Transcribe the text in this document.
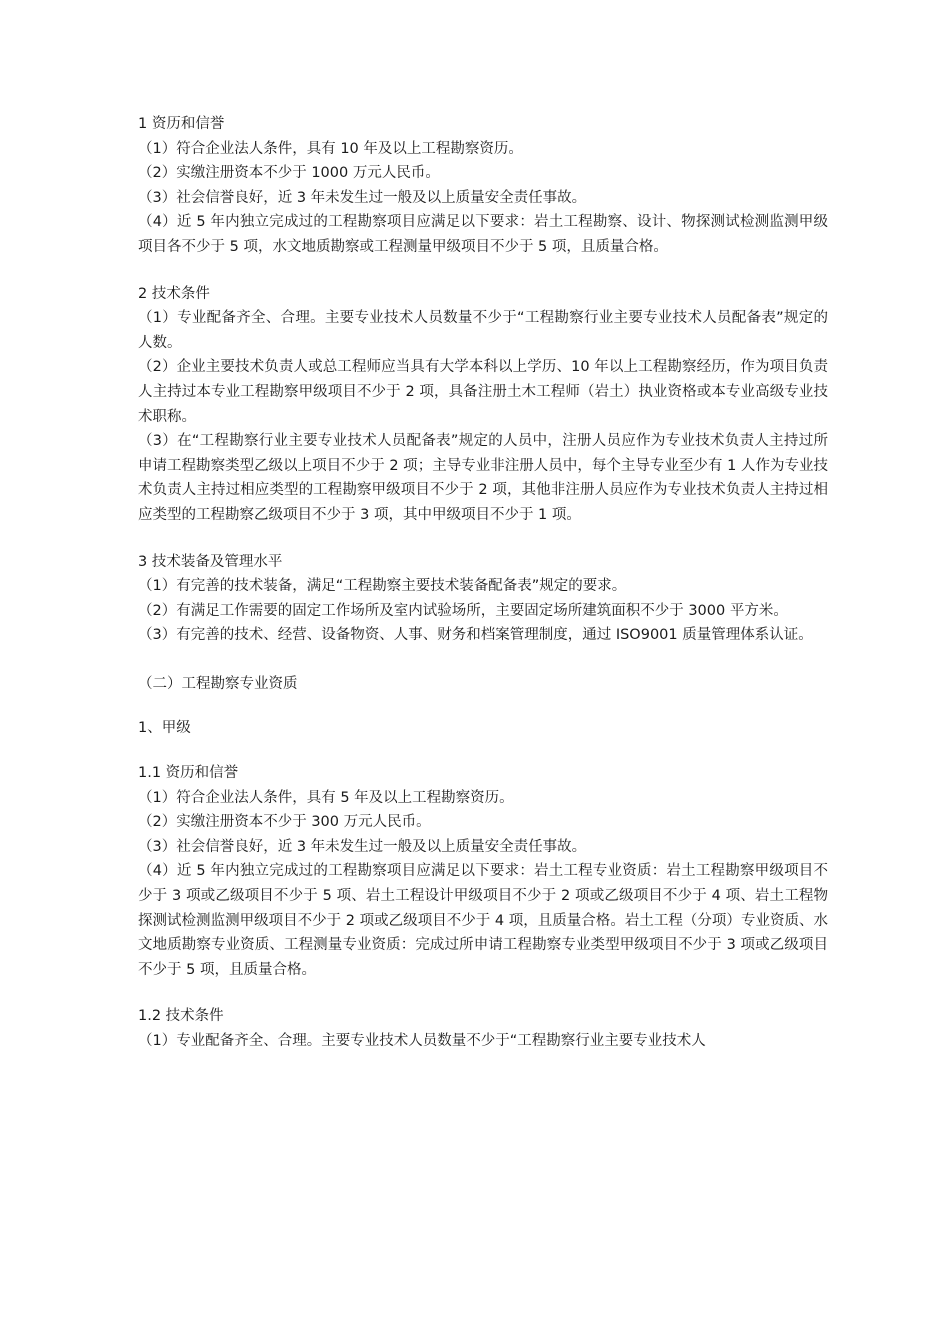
1 资历和信誉

（1）符合企业法人条件，具有 10 年及以上工程勘察资历。

（2）实缴注册资本不少于 1000 万元人民币。

（3）社会信誉良好，近 3 年未发生过一般及以上质量安全责任事故。

（4）近 5 年内独立完成过的工程勘察项目应满足以下要求：岩土工程勘察、设计、物探测试检测监测甲级项目各不少于 5 项，水文地质勘察或工程测量甲级项目不少于 5 项，且质量合格。

2 技术条件

（1）专业配备齐全、合理。主要专业技术人员数量不少于“工程勘察行业主要专业技术人员配备表”规定的人数。

（2）企业主要技术负责人或总工程师应当具有大学本科以上学历、10 年以上工程勘察经历，作为项目负责人主持过本专业工程勘察甲级项目不少于 2 项，具备注册土木工程师（岩土）执业资格或本专业高级专业技术职称。

（3）在“工程勘察行业主要专业技术人员配备表”规定的人员中，注册人员应作为专业技术负责人主持过所申请工程勘察类型乙级以上项目不少于 2 项；主导专业非注册人员中，每个主导专业至少有 1 人作为专业技术负责人主持过相应类型的工程勘察甲级项目不少于 2 项，其他非注册人员应作为专业技术负责人主持过相应类型的工程勘察乙级项目不少于 3 项，其中甲级项目不少于 1 项。

3 技术装备及管理水平

（1）有完善的技术装备，满足“工程勘察主要技术装备配备表”规定的要求。

（2）有满足工作需要的固定工作场所及室内试验场所，主要固定场所建筑面积不少于 3000 平方米。

（3）有完善的技术、经营、设备物资、人事、财务和档案管理制度，通过 ISO9001 质量管理体系认证。

（二）工程勘察专业资质

1、甲级

1.1 资历和信誉

（1）符合企业法人条件，具有 5 年及以上工程勘察资历。

（2）实缴注册资本不少于 300 万元人民币。

（3）社会信誉良好，近 3 年未发生过一般及以上质量安全责任事故。

（4）近 5 年内独立完成过的工程勘察项目应满足以下要求：岩土工程专业资质：岩土工程勘察甲级项目不少于 3 项或乙级项目不少于 5 项、岩土工程设计甲级项目不少于 2 项或乙级项目不少于 4 项、岩土工程物探测试检测监测甲级项目不少于 2 项或乙级项目不少于 4 项，且质量合格。岩土工程（分项）专业资质、水文地质勘察专业资质、工程测量专业资质：完成过所申请工程勘察专业类型甲级项目不少于 3 项或乙级项目不少于 5 项，且质量合格。

1.2 技术条件

（1）专业配备齐全、合理。主要专业技术人员数量不少于“工程勘察行业主要专业技术人
